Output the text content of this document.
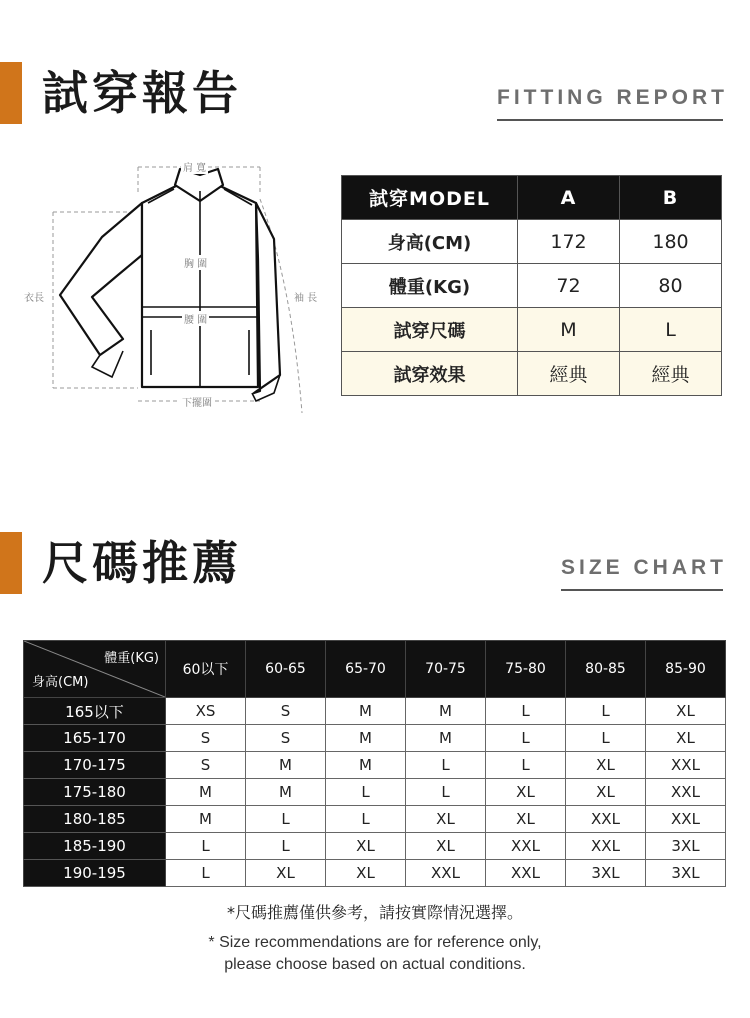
試穿報告	FITTING REPORT
肩 寬
胸 圍
腰 圍
下擺圍
衣長	袖 長
試穿MODEL	A	B
身高(CM)	172	180
體重(KG)	72	80
試穿尺碼	M	L
試穿效果	經典	經典
尺碼推薦	SIZE CHART
體重(KG)
身高(CM)	60以下	60-65	65-70	70-75	75-80	80-85	85-90
165以下	XS	S	M	M	L	L	XL
165-170	S	S	M	M	L	L	XL
170-175	S	M	M	L	L	XL	XXL
175-180	M	M	L	L	XL	XL	XXL
180-185	M	L	L	XL	XL	XXL	XXL
185-190	L	L	XL	XL	XXL	XXL	3XL
190-195	L	XL	XL	XXL	XXL	3XL	3XL
*尺碼推薦僅供參考，請按實際情況選擇。
* Size recommendations are for reference only,
please choose based on actual conditions.
